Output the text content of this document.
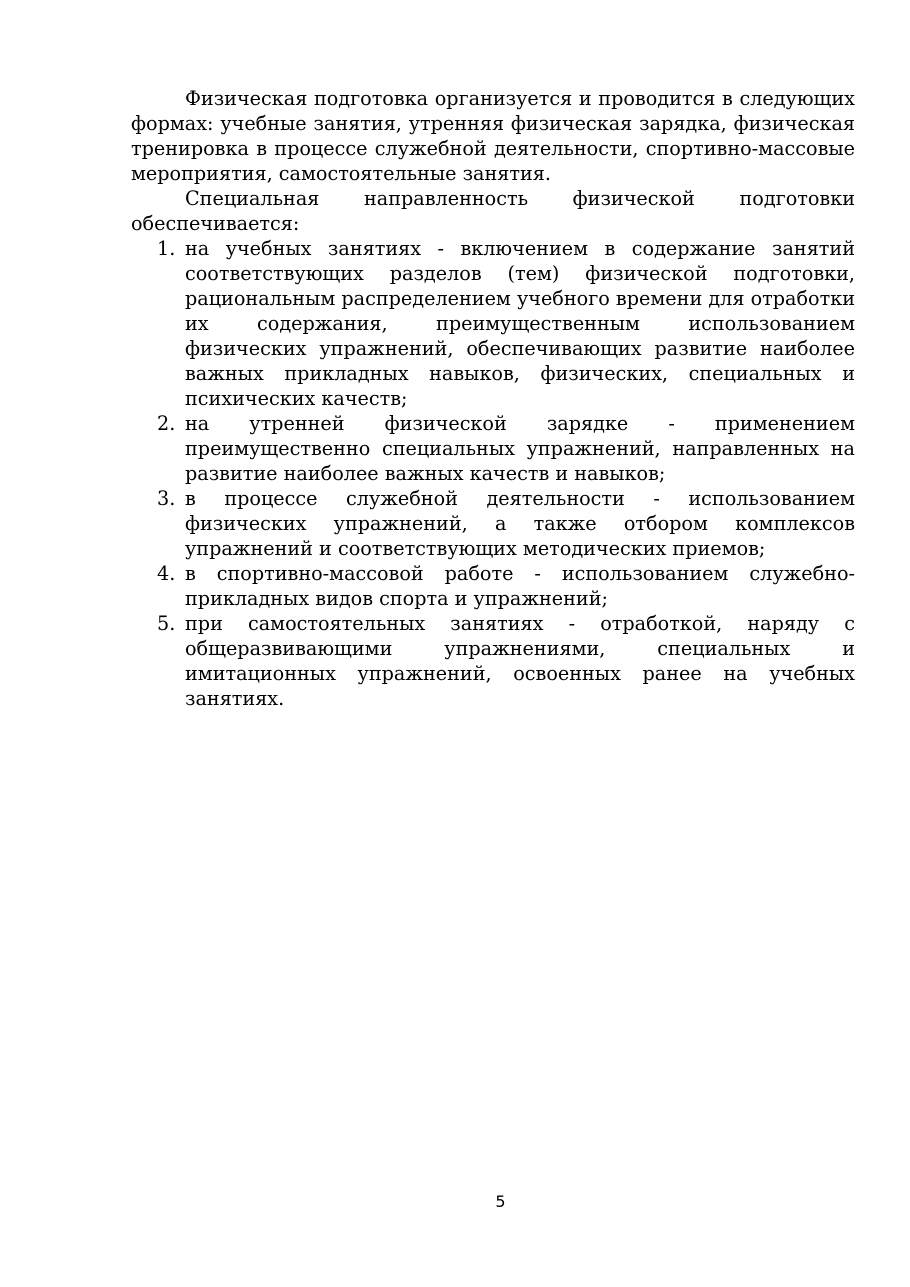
Физическая подготовка организуется и проводится в следующих формах: учебные занятия, утренняя физическая зарядка, физическая тренировка в процессе служебной деятельности, спортивно-массовые мероприятия, самостоятельные занятия.

Специальная направленность физической подготовки обеспечивается:

1. на учебных занятиях - включением в содержание занятий соответствующих разделов (тем) физической подготовки, рациональным распределением учебного времени для отработки их содержания, преимущественным использованием физических упражнений, обеспечивающих развитие наиболее важных прикладных навыков, физических, специальных и психических качеств;
2. на утренней физической зарядке - применением преимущественно специальных упражнений, направленных на развитие наиболее важных качеств и навыков;
3. в процессе служебной деятельности - использованием физических упражнений, а также отбором комплексов упражнений и соответствующих методических приемов;
4. в спортивно-массовой работе - использованием служебно-прикладных видов спорта и упражнений;
5. при самостоятельных занятиях - отработкой, наряду с общеразвивающими упражнениями, специальных и имитационных упражнений, освоенных ранее на учебных занятиях.
5
